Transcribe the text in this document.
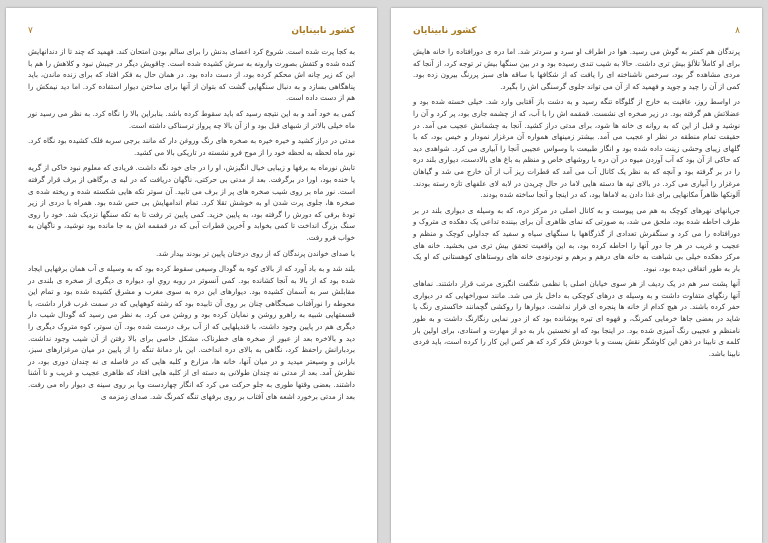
کشور نابینایان
۷

به کجا پرت شده است. شروع کرد اعضای بدنش را برای سالم بودن امتحان کند. فهمید که چند تا از دندانهایش کنده شده و کتفش بصورت وارونه به سرش کشیده شده است. چاقویش دیگر در جیبش نبود و کلاهش را هم با این که زیر چانه اش محکم کرده بود، از دست داده بود. در همان حال به فکر افتاد که برای زنده ماندن، باید پناهگاهی بسازد و به دنبال سنگهایی گشت که بتوان از آنها برای ساختن دیوار استفاده کرد. اما دید نیمکش را هم از دست داده است.

کمی به خود آمد و به این نتیجه رسید که باید سقوط کرده باشد. بنابراین بالا را نگاه کرد. به نظر می رسید نور ماه خیلی بالاتر از شبهای قبل بود و از آن بالا چه پرواز ترسناکی داشته است.

مدتی در دراز کشید و خیره خیره به صخره های رنگ وروغن دار که مانند برجی سربه فلک کشیده بود نگاه کرد. نور ماه لحظه به لحظه خود را از موج فرو نشسته در تاریکی بالا می کشید.

تابش نورماه به برفها و زیبایی خیال انگیزش، او را در جای خود نگه داشت. فریادی که معلوم نبود خاکی از گریه یا خنده بود، اورا در برگرفت. بعد از مدتی بی حرکتی، ناگهان دریافت که در لبه ی برگاهی از برف قرار گرفته است. نور ماه بر روی شیب صخره های پر از برف می تابید. آن سوتر تکه هایی شکسته شده و ریخته شده ی صخره ها، جلوی پرت شدن او به خوشش تقلا کرد. تمام اندامهایش بی حس شده بود. همراه با دردی از زیر تودهٔ برفی که دورش را گرفته بود، به پایین خزید. کمی پایین تر رفت تا به تکه سنگها نزدیک شد. خود را روی سنگ بزرگ انداخت تا کمی بخوابد و آخرین قطرات آبی که در قمقمه اش به جا مانده بود نوشید، و ناگهان به خواب فرو رفت.

با صدای خواندن پرندگان که از روی درختان پایین تر بودند بیدار شد.

بلند شد و به باد آورد که از بالای کوه به گودال وسیعی سقوط کرده بود که به وسیله ی آب همان برفهایی ایجاد شده بود که از بالا به آنجا کشانده بود. کمی آنسوتر در روبه رویِ او، دیواره ی دیگری از صخره ی بلندی در مقابلش سر به آسمان کشیده بود. دیوارهای این دره به سوی مغرب و مشرق کشیده شده بود و تمام این محوطه را نورآفتاب صبحگاهی چنان بر روی آن تابیده بود که رشته کوههایی که در سمت غرب قرار داشت، با قسمتهایی شبیه به راهرو روشن و نمایان کرده بود و روشن می کرد. به نظر می رسید که گودال شیب دار دیگری هم در پایین وجود داشت، با قندیلهایی که از آب برف درست شده بود. آن سوتر، کوه متروک دیگری را دید و بالاخره بعد از عبور از صخره های خطرناک، مشکل خاصی برای بالا رفتن از آن شیب وجود نداشت. بردبارانش راحفظ کرد، نگاهی به بالای دره انداخت. این بار دمانهٔ تنگه را از پایین در میان مرغزارهای سبز، بارانی و وسیعتر میدید و در میان آنها، خانه ها، مزارع و کلبه هایی که در فاصله ی نه چندان دوری بود، در نظرش آمد. بعد از مدتی نه چندان طولانی به دسته ای از کلبه هایی افتاد که ظاهری عجیب و غریب و نا آشنا داشتند. بعضی وقتها طوری به جلو حرکت می کرد که انگار چهاردست وپا بر روی سینه ی دیوار راه می رفت. بعد از مدتی برخورد اشعه های آفتاب بر روی برفهای تنگه کمرنگ شد. صدای زمزمه ی

۸
کشور نابینایان

پرندگان هم کمتر به گوش می رسید. هوا در اطراف او سرد و سردتر شد. اما دره ی دورافتاده را خانه هایش برای او کاملاً تلألؤ بیش تری داشت. حالا به شیب تندی رسیده بود و در بین سنگها بیش تر توجه کرد، از آنجا که مردی مشاهده گر بود، سرخس ناشناخته ای را یافت که از شکافها با ساقه های سبز پررنگ بیرون زده بود. کمی از آن را چید و جوید و فهمید که از آن می تواند جلوی گرسنگی اش را بگیرد.

در اواسط روز، عاقبت به خارج از گلوگاه تنگه رسید و به دشت باز آفتابی وارد شد. خیلی خسته شده بود و عضلاتش هم گرفته بود. در زیر صخره ای نشست. قمقمه اش را با آب، که از چشمه جاری بود، پر کرد و آن را نوشید و قبل از این که به روانه ی خانه ها شود، برای مدتی دراز کشید. آنجا به چشمانش عجیب می آمد. در حقیقت تمام منطقه در نظر او عجیب می آمد. بیشتر زمینهای همواره آن مرغزار نمودار و خیس بود، که با گلهای زیبای وحشی زینت داده شده بود و انگار طبیعت با وسواس عجیبی آنجا را آبیاری می کرد. شواهدی دید که حاکی از آن بود که آب آوردن میوه در آن دره با روشهای خاص و منظم به باغ های بالادست، دیواری بلند دره را در بر گرفته بود و آنچه که به نظر یک کانال آب می آمد که قطرات ریز آب از آن خارج می شد و گیاهان مرغزار را آبیاری می کرد. در بالای تپه ها دسته هایی لاما در حال چریدن در لابه لای علفهای تازه رسته بودند. آلونکها ظاهراً مکانهایی برای غذا دادن به لاماها بود، که در اینجا و آنجا ساخته شده بودند.

جریانهای نهرهای کوچک به هم می پیوست و به کانال اصلی در مرکز دره، که به وسیله ی دیواری بلند در بر طرف احاطه شده بود، ملحق می شد، به صورتی که نمای ظاهری آن برای بیننده تداعی یک دهکده ی متروک و دورافتاده را می کرد و سنگفرش تعدادی از گذرگاهها با سنگهای سیاه و سفید که جداولی کوچک و منظم و عجیب و غریب در هر جا دور آنها را احاطه کرده بود، به این واقعیت تحقق بیش تری می بخشید. خانه های مرکز دهکده خیلی بی شباهت به خانه های درهم و برهم و نودرنودی خانه های روستاهای کوهستانی که او یک بار به طور اتفاقی دیده بود، نبود.

آنها پشت سر هم در یک ردیف از هر سوی خیابان اصلی با نظمی شگفت انگیزی مرتب قرار داشتند. نماهای آنها رنگهای متفاوت داشت و به وسیله ی درهای کوچکی به داخل باز می شد. مانند سوراخهایی که در دیواری حفر کرده باشند. در هیچ کدام از خانه ها پنجره ای قرار نداشت. دیوارها را روکشی گچمانند خاکستری رنگ یا شاید در بعضی جاها خرمایی کمرنگ، و قهوه ای تیره پوشانده بود که از دور نمایی رنگارنگ داشت و به طور نامنظم و عجیبی رنگ آمیزی شده بود. در اینجا بود که او نخستین بار به دو از مهارت و استادی، برای اولین بار کلمه ی نابینا در ذهن این کاوشگر نقش بست و با خودش فکر کرد که هر کس این کار را کرده است، باید فردی نابینا باشد.
